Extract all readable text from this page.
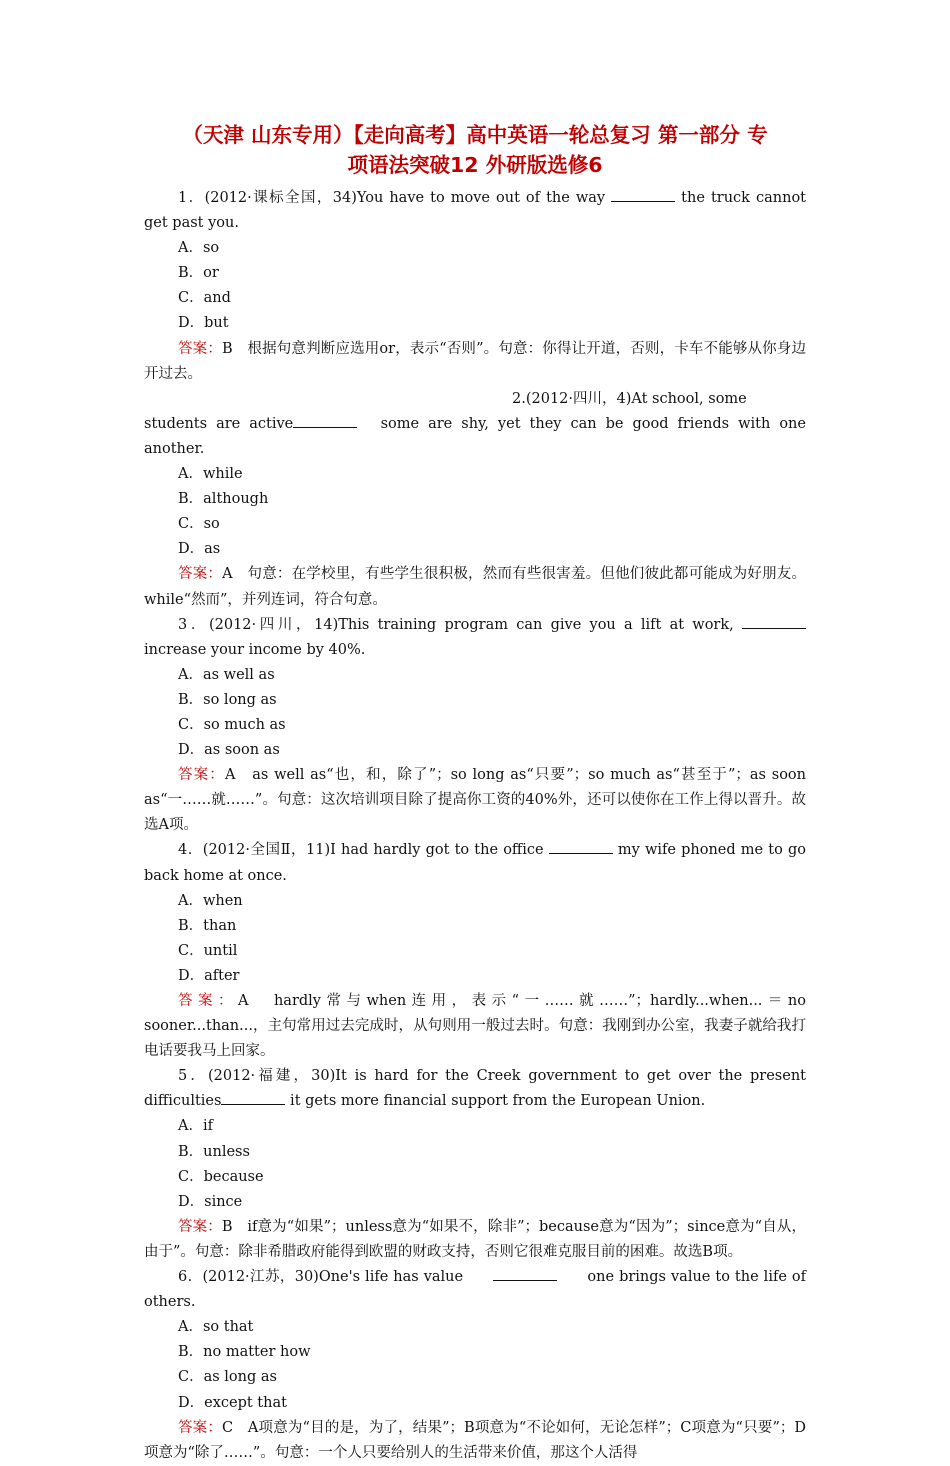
（天津 山东专用）【走向高考】高中英语一轮总复习 第一部分 专
项语法突破12 外研版选修6
1．(2012·课标全国，34)You have to move out of the way	the truck cannot get past you.
A．so
B．or
C．and
D．but
答案：B　根据句意判断应选用or，表示“否则”。句意：你得让开道，否则，卡车不能够从你身边开过去。
2.(2012·四川，4)At school, some
students are active	　some are shy, yet they can be good friends with one another.
A．while
B．although
C．so
D．as
答案：A　句意：在学校里，有些学生很积极，然而有些很害羞。但他们彼此都可能成为好朋友。while“然而”，并列连词，符合句意。
3．(2012·四川，14)This training program can give you a lift at work,  increase your income by 40%.
A．as well as
B．so long as
C．so much as
D．as soon as
答案：A　as well as“也，和，除了”；so long as“只要”；so much as“甚至于”；as soon as“一……就……”。句意：这次培训项目除了提高你工资的40%外，还可以使你在工作上得以晋升。故选A项。
4．(2012·全国Ⅱ，11)I had hardly got to the office	my wife phoned me to go back home at once.
A．when
B．than
C．until
D．after
答案：A　hardly常与when连用，表示“一……就……”；hardly...when...＝no sooner...than...，主句常用过去完成时，从句则用一般过去时。句意：我刚到办公室，我妻子就给我打电话要我马上回家。
5．(2012·福建，30)It is hard for the Creek government to get over the present difficulties	it gets more financial support from the European Union.
A．if
B．unless
C．because
D．since
答案：B　if意为“如果”；unless意为“如果不，除非”；because意为“因为”；since意为“自从，由于”。句意：除非希腊政府能得到欧盟的财政支持，否则它很难克服目前的困难。故选B项。
6．(2012·江苏，30)One's life has value　　	　　one brings value to the life of others.
A．so that
B．no matter how
C．as long as
D．except that
答案：C　A项意为“目的是，为了，结果”；B项意为“不论如何，无论怎样”；C项意为“只要”；D项意为“除了……”。句意：一个人只要给别人的生活带来价值，那这个人活得
